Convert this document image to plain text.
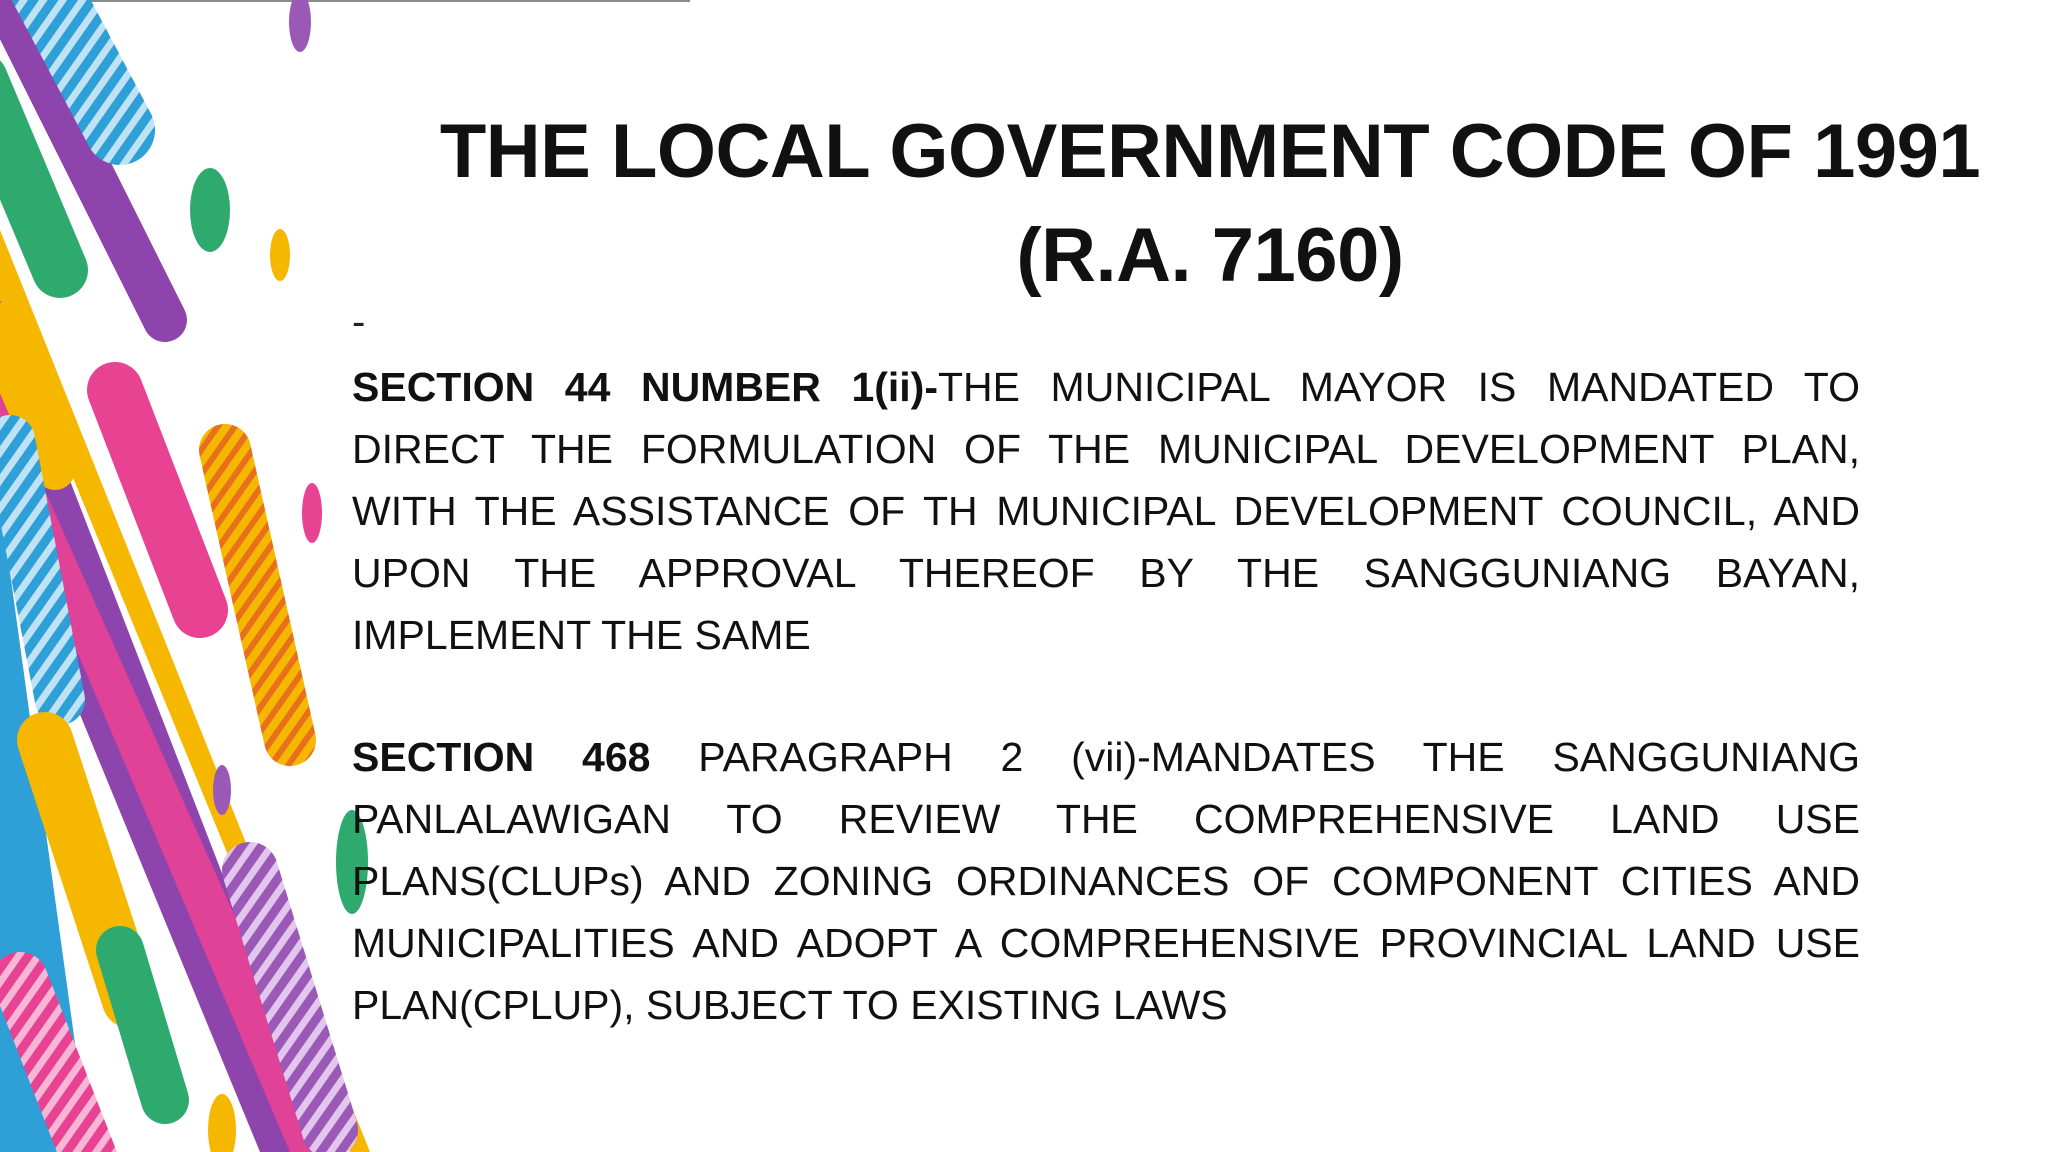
THE LOCAL GOVERNMENT CODE OF 1991
(R.A. 7160)
-

SECTION 44 NUMBER 1(ii)-THE MUNICIPAL MAYOR IS MANDATED TO DIRECT THE FORMULATION OF THE MUNICIPAL DEVELOPMENT PLAN, WITH THE ASSISTANCE OF TH MUNICIPAL DEVELOPMENT COUNCIL, AND UPON THE APPROVAL THEREOF BY THE SANGGUNIANG BAYAN, IMPLEMENT THE SAME

SECTION 468 PARAGRAPH 2 (vii)-MANDATES THE SANGGUNIANG PANLALAWIGAN TO REVIEW THE COMPREHENSIVE LAND USE PLANS(CLUPs) AND ZONING ORDINANCES OF COMPONENT CITIES AND MUNICIPALITIES AND ADOPT A COMPREHENSIVE PROVINCIAL LAND USE PLAN(CPLUP), SUBJECT TO EXISTING LAWS
